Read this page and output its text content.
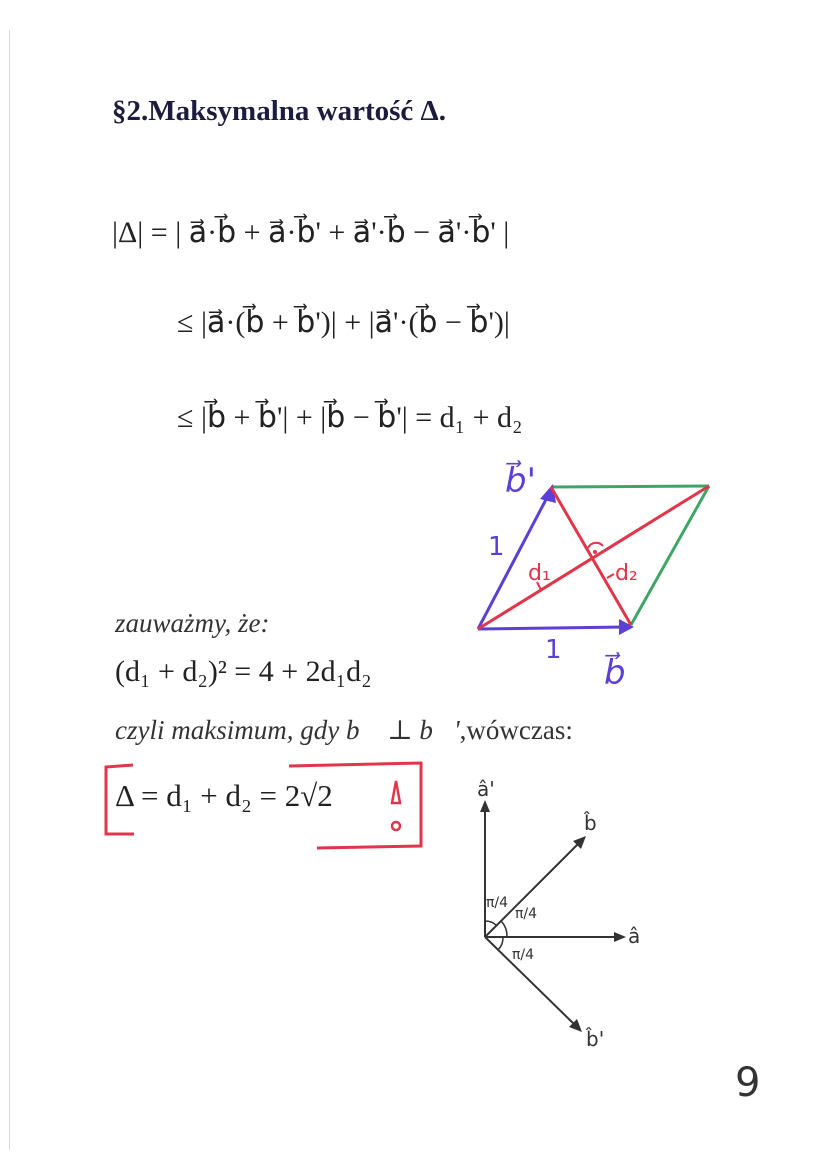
§2.Maksymalna wartość Δ.
|Δ| = | a⃗·b⃗ + a⃗·b⃗' + a⃗'·b⃗ − a⃗'·b⃗' |
≤ |a⃗·(b⃗ + b⃗')| + |a⃗'·(b⃗ − b⃗')|
≤ |b⃗ + b⃗'| + |b⃗ − b⃗'| = d₁ + d₂
zauważmy, że:
(d₁ + d₂)² = 4 + 2d₁d₂
czyli maksimum, gdy b⃗ ⊥ b⃗',wówczas:
Δ = d₁ + d₂ = 2√2
b⃗'
1
1
b⃗
d₁	d₂
â'
b̂
â
b̂'
π/4
π/4
π/4
9
